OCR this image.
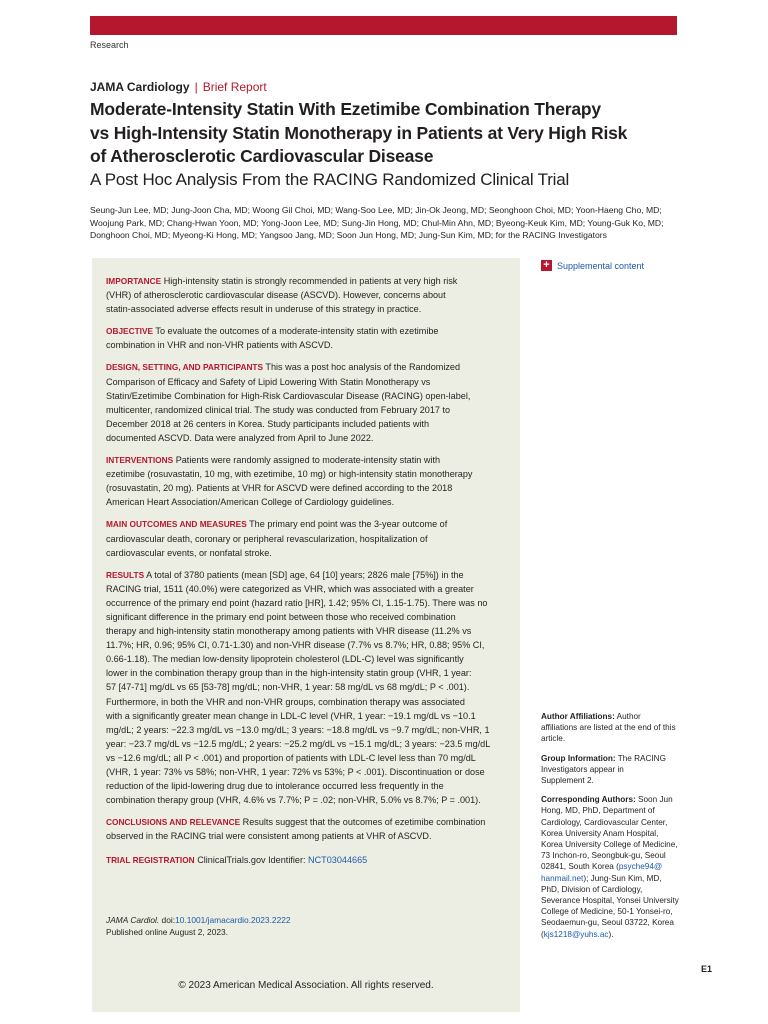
Research
JAMA Cardiology | Brief Report
Moderate-Intensity Statin With Ezetimibe Combination Therapy
vs High-Intensity Statin Monotherapy in Patients at Very High Risk
of Atherosclerotic Cardiovascular Disease
A Post Hoc Analysis From the RACING Randomized Clinical Trial
Seung-Jun Lee, MD; Jung-Joon Cha, MD; Woong Gil Choi, MD; Wang-Soo Lee, MD; Jin-Ok Jeong, MD; Seonghoon Choi, MD; Yoon-Haeng Cho, MD;
Woojung Park, MD; Chang-Hwan Yoon, MD; Yong-Joon Lee, MD; Sung-Jin Hong, MD; Chul-Min Ahn, MD; Byeong-Keuk Kim, MD; Young-Guk Ko, MD;
Donghoon Choi, MD; Myeong-Ki Hong, MD; Yangsoo Jang, MD; Soon Jun Hong, MD; Jung-Sun Kim, MD; for the RACING Investigators
+ Supplemental content
IMPORTANCE High-intensity statin is strongly recommended in patients at very high risk
(VHR) of atherosclerotic cardiovascular disease (ASCVD). However, concerns about
statin-associated adverse effects result in underuse of this strategy in practice.
OBJECTIVE To evaluate the outcomes of a moderate-intensity statin with ezetimibe
combination in VHR and non-VHR patients with ASCVD.
DESIGN, SETTING, AND PARTICIPANTS This was a post hoc analysis of the Randomized
Comparison of Efficacy and Safety of Lipid Lowering With Statin Monotherapy vs
Statin/Ezetimibe Combination for High-Risk Cardiovascular Disease (RACING) open-label,
multicenter, randomized clinical trial. The study was conducted from February 2017 to
December 2018 at 26 centers in Korea. Study participants included patients with
documented ASCVD. Data were analyzed from April to June 2022.
INTERVENTIONS Patients were randomly assigned to moderate-intensity statin with
ezetimibe (rosuvastatin, 10 mg, with ezetimibe, 10 mg) or high-intensity statin monotherapy
(rosuvastatin, 20 mg). Patients at VHR for ASCVD were defined according to the 2018
American Heart Association/American College of Cardiology guidelines.
MAIN OUTCOMES AND MEASURES The primary end point was the 3-year outcome of
cardiovascular death, coronary or peripheral revascularization, hospitalization of
cardiovascular events, or nonfatal stroke.
RESULTS A total of 3780 patients (mean [SD] age, 64 [10] years; 2826 male [75%]) in the
RACING trial, 1511 (40.0%) were categorized as VHR, which was associated with a greater
occurrence of the primary end point (hazard ratio [HR], 1.42; 95% CI, 1.15-1.75). There was no
significant difference in the primary end point between those who received combination
therapy and high-intensity statin monotherapy among patients with VHR disease (11.2% vs
11.7%; HR, 0.96; 95% CI, 0.71-1.30) and non-VHR disease (7.7% vs 8.7%; HR, 0.88; 95% CI,
0.66-1.18). The median low-density lipoprotein cholesterol (LDL-C) level was significantly
lower in the combination therapy group than in the high-intensity statin group (VHR, 1 year:
57 [47-71] mg/dL vs 65 [53-78] mg/dL; non-VHR, 1 year: 58 mg/dL vs 68 mg/dL; P < .001).
Furthermore, in both the VHR and non-VHR groups, combination therapy was associated
with a significantly greater mean change in LDL-C level (VHR, 1 year: −19.1 mg/dL vs −10.1
mg/dL; 2 years: −22.3 mg/dL vs −13.0 mg/dL; 3 years: −18.8 mg/dL vs −9.7 mg/dL; non-VHR, 1
year: −23.7 mg/dL vs −12.5 mg/dL; 2 years: −25.2 mg/dL vs −15.1 mg/dL; 3 years: −23.5 mg/dL
vs −12.6 mg/dL; all P < .001) and proportion of patients with LDL-C level less than 70 mg/dL
(VHR, 1 year: 73% vs 58%; non-VHR, 1 year: 72% vs 53%; P < .001). Discontinuation or dose
reduction of the lipid-lowering drug due to intolerance occurred less frequently in the
combination therapy group (VHR, 4.6% vs 7.7%; P = .02; non-VHR, 5.0% vs 8.7%; P = .001).
CONCLUSIONS AND RELEVANCE Results suggest that the outcomes of ezetimibe combination
observed in the RACING trial were consistent among patients at VHR of ASCVD.
TRIAL REGISTRATION ClinicalTrials.gov Identifier: NCT03044665
JAMA Cardiol. doi:10.1001/jamacardio.2023.2222
Published online August 2, 2023.
© 2023 American Medical Association. All rights reserved.

Author Affiliations: Author
affiliations are listed at the end of this
article.

Group Information: The RACING
Investigators appear in
Supplement 2.

Corresponding Authors: Soon Jun
Hong, MD, PhD, Department of
Cardiology, Cardiovascular Center,
Korea University Anam Hospital,
Korea University College of Medicine,
73 Inchon-ro, Seongbuk-gu, Seoul
02841, South Korea (psyche94@
hanmail.net); Jung-Sun Kim, MD,
PhD, Division of Cardiology,
Severance Hospital, Yonsei University
College of Medicine, 50-1 Yonsei-ro,
Seodaemun-gu, Seoul 03722, Korea
(kjs1218@yuhs.ac).

E1
